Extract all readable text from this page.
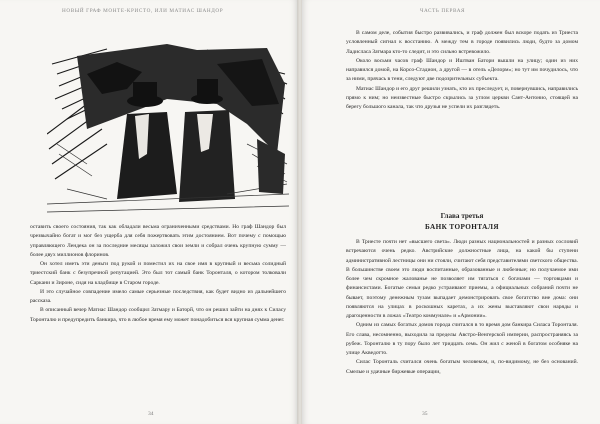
НОВЫЙ ГРАФ МОНТЕ-КРИСТО, ИЛИ МАТИАС ШАНДОР

оставить своего состояния, так как обладали весьма ограниченными средствами. Но граф Шандор был чрезвычайно богат и мог без ущерба для себя пожертвовать этим достоянием. Вот почему с помощью управляющего Лендека он за последние месяцы заложил свои земли и собрал очень крупную сумму — более двух миллионов флоринов.

Он хотел иметь эти деньги под рукой и поместил их на свое имя в крупный и весьма солидный триестский банк с безупречной репутацией. Это был тот самый банк Торонталя, о котором толковали Саркани и Зироне, сидя на кладбище в Старом городе.

И это случайное совпадение имело самые серьезные последствия, как будет видно из дальнейшего рассказа.

В описанный вечер Матиас Шандор сообщил Затмару и Баторй, что он решил зайти на днях к Силасу Торонталю и предупредить банкира, что в любое время ему может понадобиться вся крупная сумма денег.

34
ЧАСТЬ ПЕРВАЯ

В самом деле, события быстро развивались, и граф должен был вскоре подать из Триеста условленный сигнал к восстанию. А между тем в городе появились люди, будто за домом Ладисласа Затмара кто-то следит, и это сильно встревожило.

Около восьми часов граф Шандор и Иштван Батори вышли на улицу; один из них направился домой, на Корсо-Стадион, а другой — в отель «Делорм»; но тут им почудилось, что за ними, прячась в тени, следуют две подозрительных субъекта.

Матиас Шандор и его друг решили узнать, кто их преследует, и, повернувшись, направились прямо к ним; но неизвестные быстро скрылись за углом церкви Сант-Антонио, стоящей на берегу большого канала, так что друзья не успели их разглядеть.

Глава третья
БАНК ТОРОНТАЛЯ

В Триесте почти нет «высшего света». Люди разных национальностей и разных сословий встречаются очень редко. Австрийские должностные лица, на какой бы ступени административной лестницы они ни стояли, считают себя представителями светского общества. В большинстве своем это люди воспитанные, образованные и любезные; но получаемое ими более чем скромное жалованье не позволяет им тягаться с богачами — торговцами и финансистами. Богатые семьи редко устраивают приемы, а официальных собраний почти не бывает, поэтому денежным тузам выпадает демонстрировать свое богатство вне дома: они появляются на улицах в роскошных каретах, а их жены выставляют свои наряды и драгоценности в ложах «Театро коммунале» и «Армонии».

Одним из самых богатых домов города считался в то время дом банкира Силаса Торонталя. Его слава, несомненно, выходила за пределы Австро-Венгерской империи, распространяясь за рубеж. Торонталю в ту пору было лет тридцать семь. Он жил с женой в богатом особняке на улице Акведотто.

Силас Торонталь считался очень богатым человеком, и, по-видимому, не без оснований. Смелые и удачные биржевые операции,

35
